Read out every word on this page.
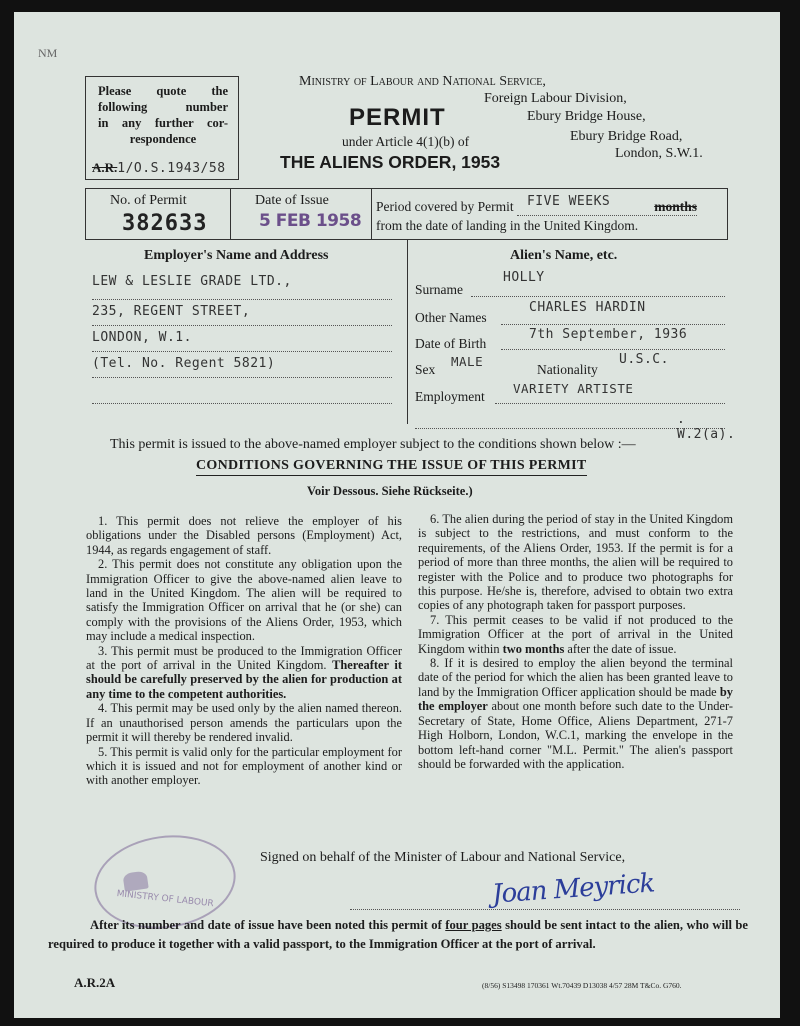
NM
Please quote the
following number
in any further cor-
respondence
A.R.1/O.S.1943/58
Ministry of Labour and National Service,
Foreign Labour Division,
Ebury Bridge House,
Ebury Bridge Road,
London, S.W.1.
PERMIT
under Article 4(1)(b) of
THE ALIENS ORDER, 1953
No. of Permit
382633
Date of Issue
5 FEB 1958
Period covered by Permit FIVE WEEKS	months

from the date of landing in the United Kingdom.
Employer's Name and Address
LEW & LESLIE GRADE LTD.,
235, REGENT STREET,
LONDON, W.1.
(Tel. No. Regent 5821)
Alien's Name, etc.
Surname
HOLLY
Other Names
CHARLES HARDIN
Date of Birth
7th September, 1936
Sex
MALE
Nationality
U.S.C.
Employment
VARIETY ARTISTE
. W.2(a).
This permit is issued to the above-named employer subject to the conditions shown below :—
CONDITIONS GOVERNING THE ISSUE OF THIS PERMIT
Voir Dessous. Siehe Rückseite.)

1. This permit does not relieve the employer of his obligations under the Disabled persons (Employment) Act, 1944, as regards engagement of staff.

2. This permit does not constitute any obligation upon the Immigration Officer to give the above-named alien leave to land in the United Kingdom. The alien will be required to satisfy the Immigration Officer on arrival that he (or she) can comply with the provisions of the Aliens Order, 1953, which may include a medical inspection.

3. This permit must be produced to the Immigration Officer at the port of arrival in the United Kingdom. Thereafter it should be carefully preserved by the alien for production at any time to the competent authorities.

4. This permit may be used only by the alien named thereon. If an unauthorised person amends the particulars upon the permit it will thereby be rendered invalid.

5. This permit is valid only for the particular employment for which it is issued and not for employment of another kind or with another employer.

6. The alien during the period of stay in the United Kingdom is subject to the restrictions, and must conform to the requirements, of the Aliens Order, 1953. If the permit is for a period of more than three months, the alien will be required to register with the Police and to produce two photographs for this purpose. He/she is, therefore, advised to obtain two extra copies of any photograph taken for passport purposes.

7. This permit ceases to be valid if not produced to the Immigration Officer at the port of arrival in the United Kingdom within two months after the date of issue.

8. If it is desired to employ the alien beyond the terminal date of the period for which the alien has been granted leave to land by the Immigration Officer application should be made by the employer about one month before such date to the Under-Secretary of State, Home Office, Aliens Department, 271-7 High Holborn, London, W.C.1, marking the envelope in the bottom left-hand corner "M.L. Permit." The alien's passport should be forwarded with the application.

Signed on behalf of the Minister of Labour and National Service,
MINISTRY OF LABOUR	Joan Meyrick
After its number and date of issue have been noted this permit of four pages should be sent intact to the alien, who will be required to produce it together with a valid passport, to the Immigration Officer at the port of arrival.
A.R.2A	(8/56) S13498 170361 Wt.70439 D13038 4/57 28M T&Co. G760.
